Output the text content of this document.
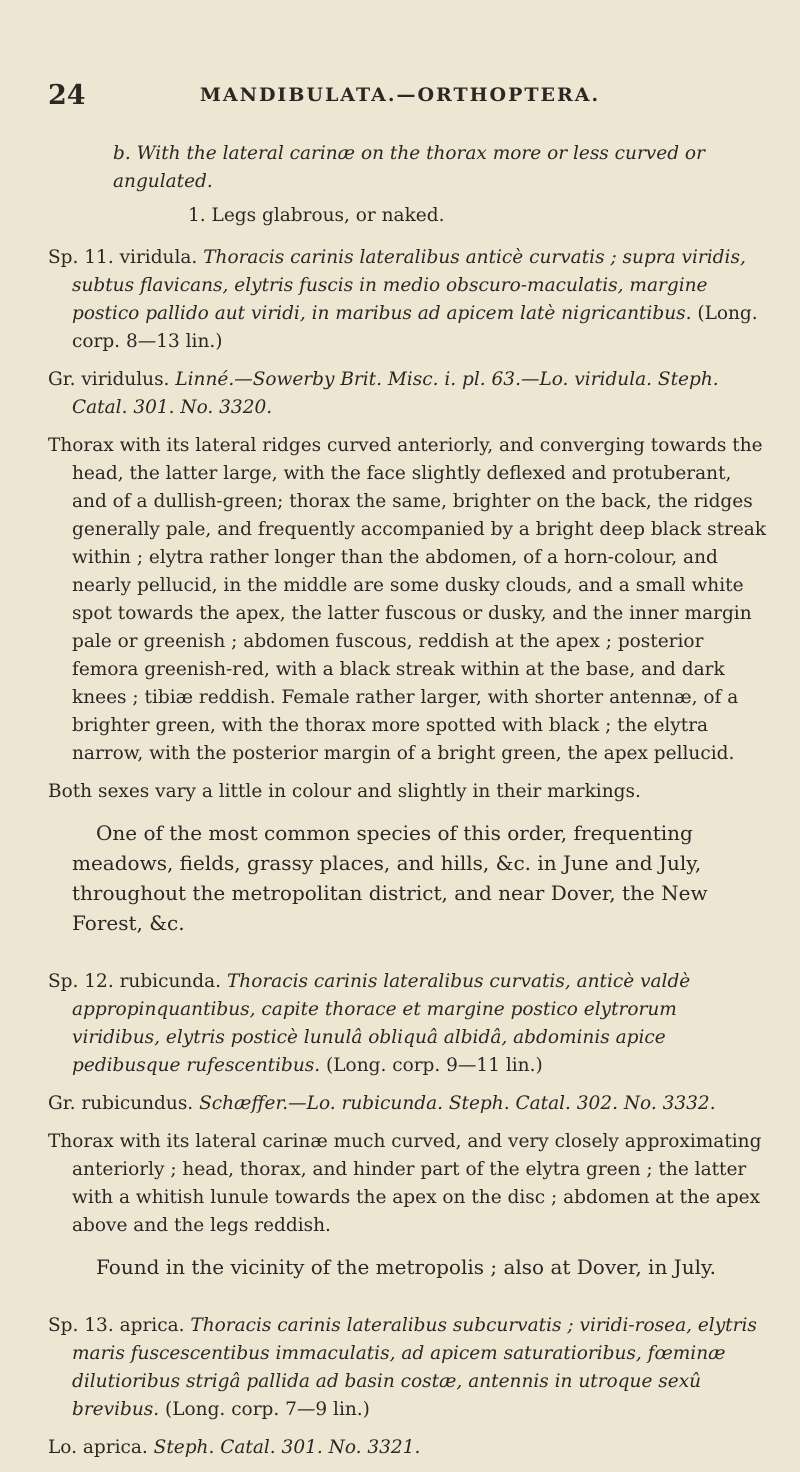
24	MANDIBULATA.—ORTHOPTERA.

b. With the lateral carinæ on the thorax more or less curved or angulated.

1. Legs glabrous, or naked.

Sp. 11. viridula. Thoracis carinis lateralibus anticè curvatis ; supra viridis, subtus flavicans, elytris fuscis in medio obscuro-maculatis, margine postico pallido aut viridi, in maribus ad apicem latè nigricantibus. (Long. corp. 8—13 lin.)

Gr. viridulus. Linné.—Sowerby Brit. Misc. i. pl. 63.—Lo. viridula. Steph. Catal. 301. No. 3320.

Thorax with its lateral ridges curved anteriorly, and converging towards the head, the latter large, with the face slightly deflexed and protuberant, and of a dullish-green; thorax the same, brighter on the back, the ridges generally pale, and frequently accompanied by a bright deep black streak within ; elytra rather longer than the abdomen, of a horn-colour, and nearly pellucid, in the middle are some dusky clouds, and a small white spot towards the apex, the latter fuscous or dusky, and the inner margin pale or greenish ; abdomen fuscous, reddish at the apex ; posterior femora greenish-red, with a black streak within at the base, and dark knees ; tibiæ reddish. Female rather larger, with shorter antennæ, of a brighter green, with the thorax more spotted with black ; the elytra narrow, with the posterior margin of a bright green, the apex pellucid.

Both sexes vary a little in colour and slightly in their markings.

One of the most common species of this order, frequenting meadows, fields, grassy places, and hills, &c. in June and July, throughout the metropolitan district, and near Dover, the New Forest, &c.

Sp. 12. rubicunda. Thoracis carinis lateralibus curvatis, anticè valdè appropinquantibus, capite thorace et margine postico elytrorum viridibus, elytris posticè lunulâ obliquâ albidâ, abdominis apice pedibusque rufescentibus. (Long. corp. 9—11 lin.)

Gr. rubicundus. Schæffer.—Lo. rubicunda. Steph. Catal. 302. No. 3332.

Thorax with its lateral carinæ much curved, and very closely approximating anteriorly ; head, thorax, and hinder part of the elytra green ; the latter with a whitish lunule towards the apex on the disc ; abdomen at the apex above and the legs reddish.

Found in the vicinity of the metropolis ; also at Dover, in July.

Sp. 13. aprica. Thoracis carinis lateralibus subcurvatis ; viridi-rosea, elytris maris fuscescentibus immaculatis, ad apicem saturatioribus, fœminæ dilutioribus strigâ pallida ad basin costæ, antennis in utroque sexû brevibus. (Long. corp. 7—9 lin.)

Lo. aprica. Steph. Catal. 301. No. 3321.
